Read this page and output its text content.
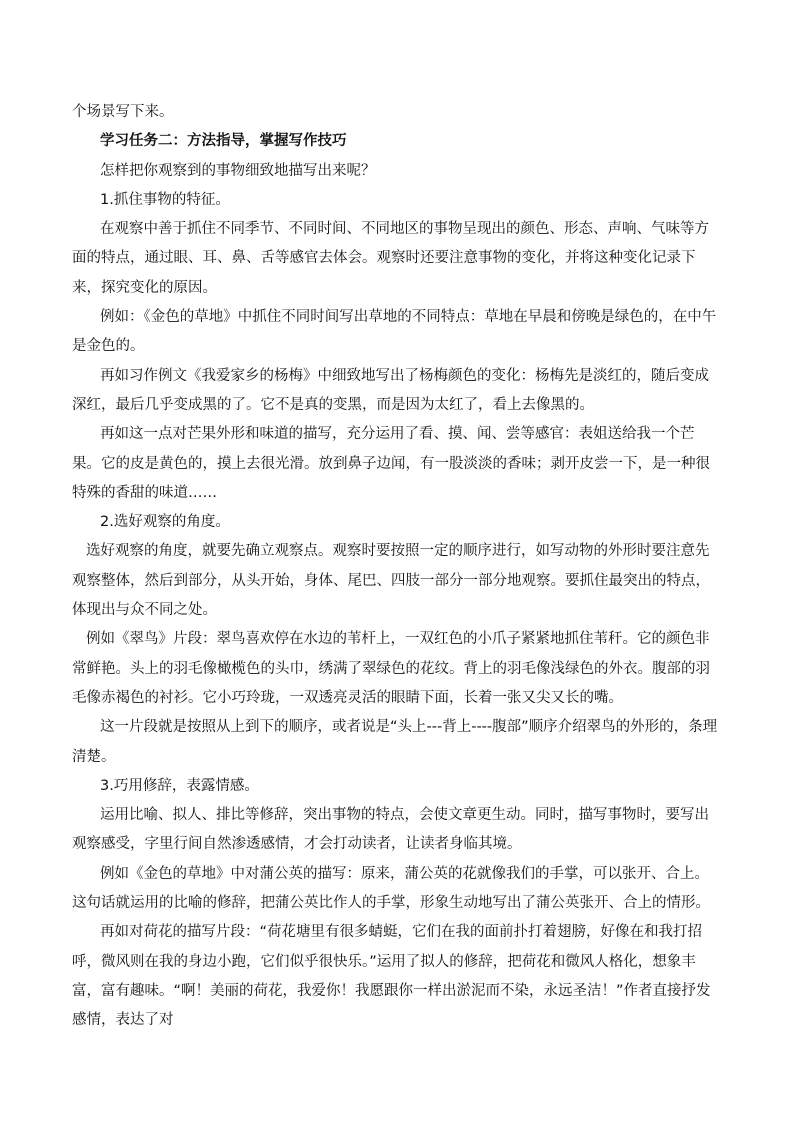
个场景写下来。

学习任务二：方法指导，掌握写作技巧

怎样把你观察到的事物细致地描写出来呢？

1.抓住事物的特征。

在观察中善于抓住不同季节、不同时间、不同地区的事物呈现出的颜色、形态、声响、气味等方面的特点，通过眼、耳、鼻、舌等感官去体会。观察时还要注意事物的变化，并将这种变化记录下来，探究变化的原因。

例如：《金色的草地》中抓住不同时间写出草地的不同特点：草地在早晨和傍晚是绿色的，在中午是金色的。

再如习作例文《我爱家乡的杨梅》中细致地写出了杨梅颜色的变化：杨梅先是淡红的，随后变成深红，最后几乎变成黑的了。它不是真的变黑，而是因为太红了，看上去像黑的。

再如这一点对芒果外形和味道的描写，充分运用了看、摸、闻、尝等感官：表姐送给我一个芒果。它的皮是黄色的，摸上去很光滑。放到鼻子边闻，有一股淡淡的香味；剥开皮尝一下，是一种很特殊的香甜的味道……

2.选好观察的角度。

选好观察的角度，就要先确立观察点。观察时要按照一定的顺序进行，如写动物的外形时要注意先观察整体，然后到部分，从头开始，身体、尾巴、四肢一部分一部分地观察。要抓住最突出的特点，体现出与众不同之处。

例如《翠鸟》片段：翠鸟喜欢停在水边的苇杆上，一双红色的小爪子紧紧地抓住苇秆。它的颜色非常鲜艳。头上的羽毛像橄榄色的头巾，绣满了翠绿色的花纹。背上的羽毛像浅绿色的外衣。腹部的羽毛像赤褐色的衬衫。它小巧玲珑，一双透亮灵活的眼睛下面，长着一张又尖又长的嘴。

这一片段就是按照从上到下的顺序，或者说是“头上---背上----腹部”顺序介绍翠鸟的外形的，条理清楚。

3.巧用修辞，表露情感。

运用比喻、拟人、排比等修辞，突出事物的特点，会使文章更生动。同时，描写事物时，要写出观察感受，字里行间自然渗透感情，才会打动读者，让读者身临其境。

例如《金色的草地》中对蒲公英的描写：原来，蒲公英的花就像我们的手掌，可以张开、合上。这句话就运用的比喻的修辞，把蒲公英比作人的手掌，形象生动地写出了蒲公英张开、合上的情形。

再如对荷花的描写片段：“荷花塘里有很多蜻蜓，它们在我的面前扑打着翅膀，好像在和我打招呼，微风则在我的身边小跑，它们似乎很快乐。”运用了拟人的修辞，把荷花和微风人格化，想象丰富，富有趣味。“啊！美丽的荷花，我爱你！我愿跟你一样出淤泥而不染，永远圣洁！”作者直接抒发感情，表达了对
